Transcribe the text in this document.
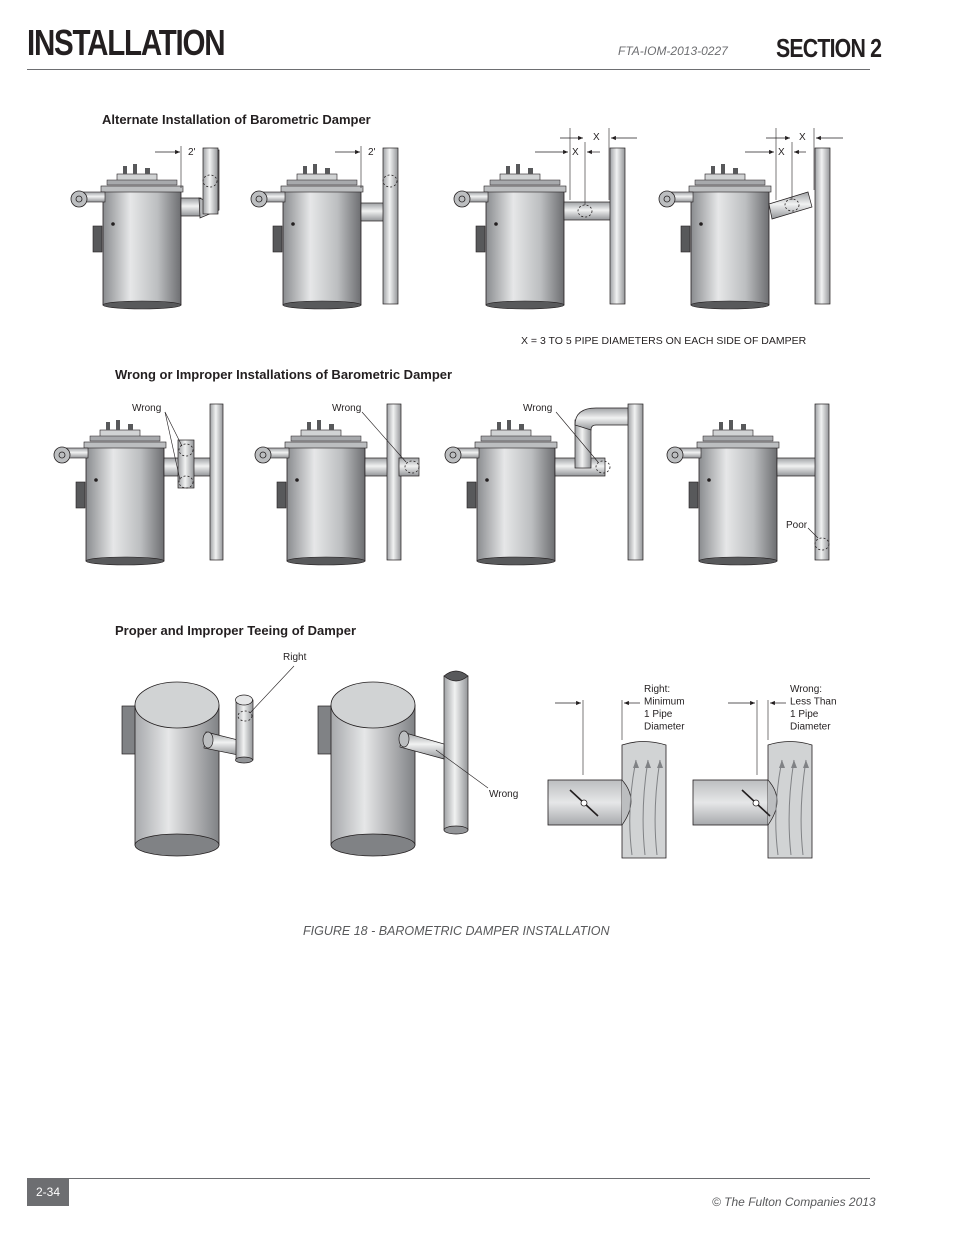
INSTALLATION	FTA-IOM-2013-0227 SECTION 2
Alternate Installation of Barometric Damper
Wrong or Improper Installations of Barometric Damper
Proper and Improper Teeing of Damper
X = 3 TO 5 PIPE DIAMETERS ON EACH SIDE OF DAMPER
2'	2'
X
X
X
X
Wrong	Wrong	Wrong
Poor
Right
Wrong
Right: Minimum 1 Pipe Diameter
Wrong: Less Than 1 Pipe Diameter
FIGURE 18 - BAROMETRIC DAMPER INSTALLATION
2-34
© The Fulton Companies 2013
